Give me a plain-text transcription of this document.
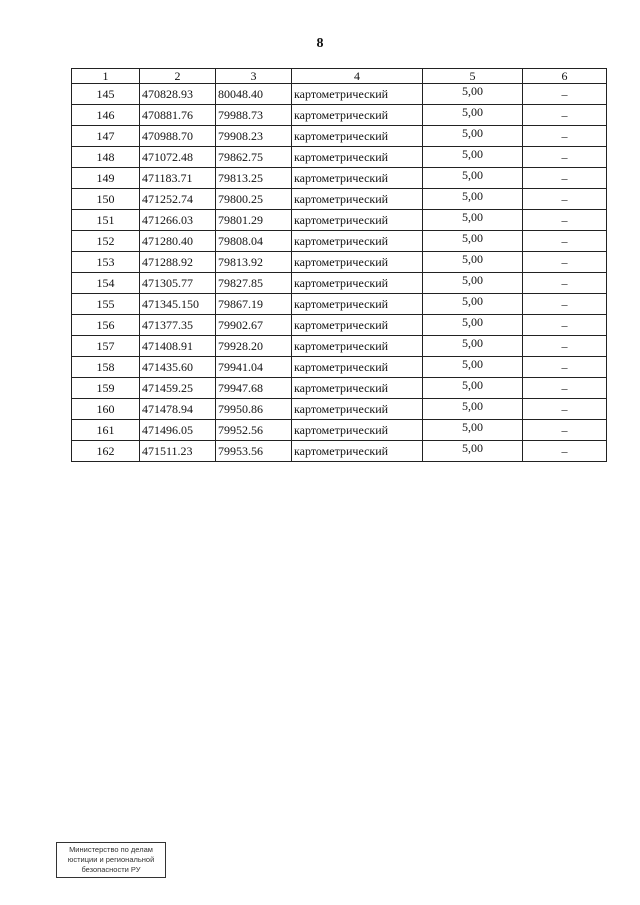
8
1	2	3	4	5	6
145	470828.93	80048.40	картометрический	5,00	–
146	470881.76	79988.73	картометрический	5,00	–
147	470988.70	79908.23	картометрический	5,00	–
148	471072.48	79862.75	картометрический	5,00	–
149	471183.71	79813.25	картометрический	5,00	–
150	471252.74	79800.25	картометрический	5,00	–
151	471266.03	79801.29	картометрический	5,00	–
152	471280.40	79808.04	картометрический	5,00	–
153	471288.92	79813.92	картометрический	5,00	–
154	471305.77	79827.85	картометрический	5,00	–
155	471345.150	79867.19	картометрический	5,00	–
156	471377.35	79902.67	картометрический	5,00	–
157	471408.91	79928.20	картометрический	5,00	–
158	471435.60	79941.04	картометрический	5,00	–
159	471459.25	79947.68	картометрический	5,00	–
160	471478.94	79950.86	картометрический	5,00	–
161	471496.05	79952.56	картометрический	5,00	–
162	471511.23	79953.56	картометрический	5,00	–
Министерство по делам
юстиции и региональной
безопасности РУ
